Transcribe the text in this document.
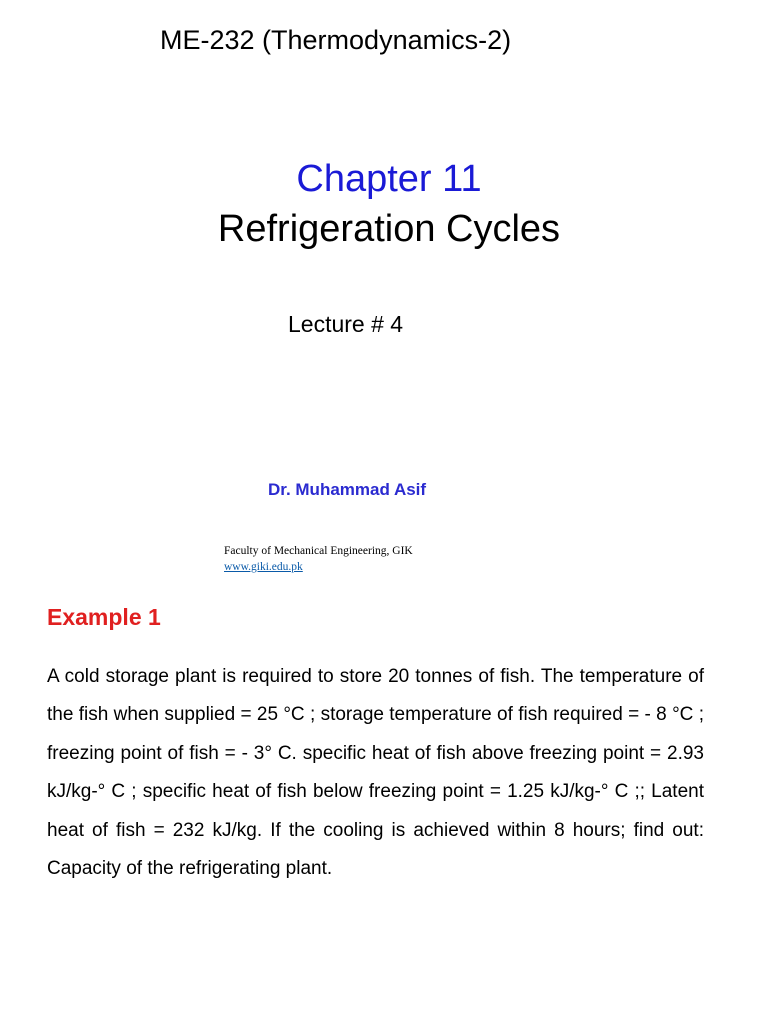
ME-232 (Thermodynamics-2)
Chapter 11
Refrigeration Cycles
Lecture # 4
Dr. Muhammad Asif
Faculty of Mechanical Engineering, GIK
www.giki.edu.pk
Example 1

A cold storage plant is required to store 20 tonnes of fish. The temperature of the fish when supplied = 25 °C ; storage temperature of fish required = - 8 °C ; freezing point of fish = - 3° C. specific heat of fish above freezing point = 2.93 kJ/kg-° C ; specific heat of fish below freezing point = 1.25 kJ/kg-° C ;; Latent heat of fish = 232 kJ/kg. If the cooling is achieved within 8 hours; find out: Capacity of the refrigerating plant.
